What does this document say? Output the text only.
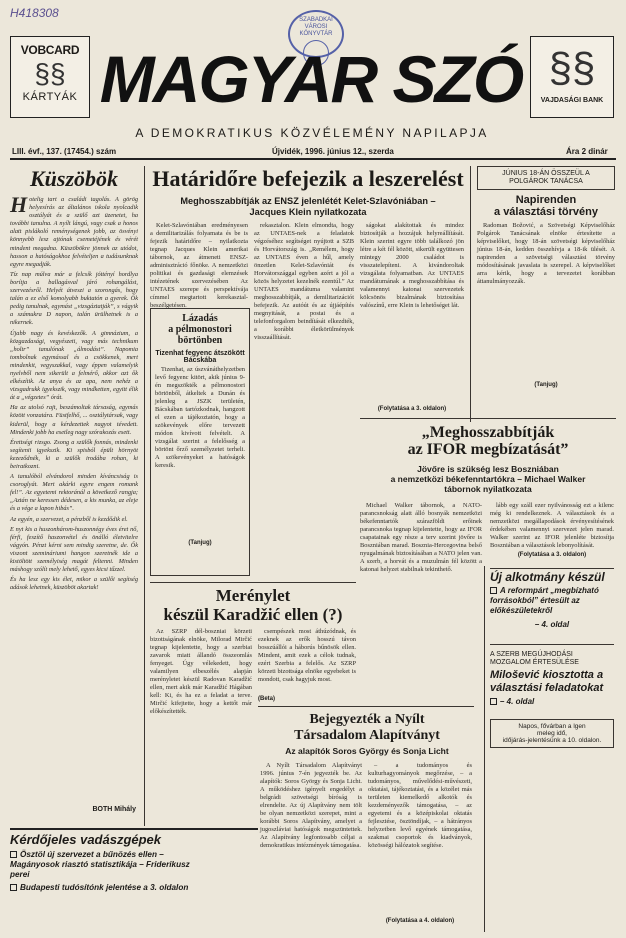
H418308	SZABADKAI VÁROSI KÖNYVTÁR
VOBCARD
§§
KÁRTYÁK MAGYAR SZÓ §§
VAJDASÁGI BANK
A DEMOKRATIKUS KÖZVÉLEMÉNY NAPILAPJA
LIII. évf., 137. (17454.) szám	Újvidék, 1996. június 12., szerda	Ára 2 dinár
Küszöbök

Hotelig tart a családi tagolás. A görög helyesírás az általános iskola nyolcadik osztályát és a szülő azt üzenetet, ha további tanulna. A nyílt lángú, vagy csak a honos alatt pislákoló reménységenek jobb, az ösvényi könnyebb lesz ajtónak csemetéjének és vérét mindent megadna. Küszöbökre jönnek az utódot, hasson a hatóságokhoz felvételjen a tudásunknak egyre megadják.

Tíz nap múlva már a felcsík jóttényí hordlya borítja a ballagásval járó rohangálást, szervezésről. Helyét átveszi a szorongás, hogy talán a ez első komolyabb buktatón a gyerek. Ők pedig tanulnak, egymást „vizsgáztatják”, s vágyik a számukra D napon, talán ürülhetnek is a nikernek.

Újabb nagy és kevéskezők. A gimnázium, a közgazdasági, vegyészeti, vagy más technikum „holtr” tanulónak „álmodást”. Napomia tombolnak egymással és a csökkenek, mert mindenkit, vegyszakkal, vagy éppen valamelyik nyelvből nem sikerült a felmérő, akkor azt ők elkészítik. Az anya és az apa, nem nehéz a vizsgadrukk igyekszik, vagy mindketten, egyitt élik át a „végzetes” órát.

Ha az utolsó rajt, beszámoltak társaság, egymás között vonzatára. Füstfelhő, ... osztálytársak, vagy kiderül, hogy a kérdezettek nagyot tévedett. Mindenki jobb ha esetleg nagy szórakozás esett.

Érettségi rizsgo. Zsong a szülők fonnás, mindenki segítenii igyekszik. Ki spisból épült hörnyöt kezeződnék, ki a szülők irodába rohan, ki beiratkozni.

A tanulóból elvándorol minden kíváncsiság is csoroglyát. Mert akárki egyre engem romank fel!”. Az egyetemi rektoránál a következő rangja; „Aztán ne keressen dédesen, a kis munka, az eleje és a vége a lapon hibás”.

Az egyén, a szervezet, a pénzből is kezdődik el.

E nyt kis a huszonhárom-huszonnégy éves éret nő, férfi, feszítő haszonvétel és önálló életvitelre vágyón. Pénzt kérni sem mindig szeretne, de. Ők viszont szemináriumi hangon szeretnék ide a kistöltött személyiség magát feltenni. Minden máshogy szólít mely lehető, egyes kicsi tűzzel.

És ha lesz egy kis élet, mikor a szülői segítség adások lehetnek, küszöböt akartak!

BOTH Mihály
Határidőre befejezik a leszerelést
Meghosszabbítják az ENSZ jelenlétét Kelet-Szlavóniában –
Jacques Klein nyilatkozata

Kelet-Szlavóniában eredményesen a demilitarizálás folyamata és be is fejezik határidőre – nyilatkozta tegnap Jacques Klein amerikai tábornok, az átmeneti ENSZ-adminisztráció főnöke. A nemzetközi politikai és gazdasági elemzések intézetének szervezésében Az UNTAES szerepe és perspektívája címmel megtartott kerekasztal-beszélgetésen.

rekasztalon. Klein elmondta, hogy az UNTAES-nek a feladatok végzéséhez segítséget nyújtott a SZB és Horvátország is. „Remélem, hogy az UNTAES éven a hűl, amely önzetlen Kelet-Szlavóniát és Horvátországgal egyben azért a jól a közös helyzetet kezelnék ezentúl.” Az UNTAES mandátuma valamint meghosszabbítják, a demilitarizációt befejezik. Az autóút és az újjáépítés megnyitását, a postai és a telefonforgalom beindítását elkezdték, a korábbi életkörülmények visszaállítását.

ságokat alakítottak és mindez biztosítják a hozzájuk helyreállítását. Klein szerint egyre több találkozó jön létre a két fél között, sikerült együttesen mintegy 2000 családot is visszatelepíteni. A kivándoroltak vizsgálata folyamatban. Az UNTAES mandátumának a meghosszabbítása és valamennyi katonai szervezetek kölcsönös bizalmának biztosítása valószínű, erre Klein is lehetőséget lát.

(Folytatása a 3. oldalon)
Lázadás
a pélmonostori
börtönben
Tizenhat fegyenc átszökött Bácskába

Tizenhat, az úszvánáthelyzetben levő fegyenc kitört, akik június 9-én megszökték a pélmonostori börtönből, átkeltek a Dunán és jelenleg a JSZK területén, Bácskában tartózkodnak, hangzott el ezen a tájékoztatón, hogy a szökevények előre tervezett módon kivívott felvételt. A vizsgálat szerint a felelősség a börtönt őrző személyzetet terheli. A szökevényeket a hatóságok keresik.

(Tanjug)
JÚNIUS 18-ÁN ÖSSZEÜL A
POLGÁROK TANÁCSA
Napirenden
a választási törvény

Radoman Božović, a Szövetségi Képviselőház Polgárok Tanácsának elnöke értesítette a képviselőket, hogy 18-án szövetségi képviselőház június 18-án, kedden összehívja a 18-ik ülését. A napirenden a szövetségi választási törvény módosításának javaslata is szerepel. A képviselőket arra kérik, hogy a tervezetet korábban áttanulmányozzák.

(Tanjug)
„Meghosszabbítják
az IFOR megbízatását”
Jövőre is szükség lesz Boszniában
a nemzetközi békefenntartókra – Michael Walker
tábornok nyilatkozata

Michael Walker tábornok, a NATO-parancsnokság alatt álló bosnyák nemzetközi békefenntartók szárazföldi erőinek parancsnoka tegnap kijelentette, hogy az IFOR csapatainak egy része a terv szerint jövőre is Boszniában marad. Bosznia-Hercegovina belső nyugalmának biztosításában a NATO jelen van. A szerb, a horvát és a muzulmán fél között a katonai helyzet stabilnak tekinthető.

lább egy száll ezer nyilvánosság ezt a kilenc még ki rendelkeznek. A választások és a nemzetközi megállapodások érvényesítésének érdekében valamennyi szervezet jelen marad. Walker szerint az IFOR jelenléte biztosítja Boszniában a választások lebonyolítását.

(Folytatása a 3. oldalon)
Merénylet
készül Karadžić ellen (?)

Az SZRP dél-boszniai körzeti bizottságának elnöke, Milorad Mirčić tegnap kijelentette, hogy a szerbiai zavarok miatt állandó összeomlás fenyeget. Úgy vélekedett, hogy valamilyen elbeszélés alapján merényletet készül Radovan Karadžić ellen, mert akik már Karadžić Hágában kell: Ki, és ha ez a feladat a terve. Mirčić kifejtette, hogy a kettőt már előkészítették.

csempészek most áthúzódnak, és ezeknek az erők hosszú távon bosszúállói a háborús bűnösök ellen. Mindent, amit ezek a célok tudnak, ezért Szerbia a felelős. Az SZRP körzeti bizottsága elnöke egyebeket is mondott, csak hagyjuk most.

(Beta)
Bejegyezték a Nyílt
Társadalom Alapítványt
Az alapítók Soros György és Sonja Licht

A Nyílt Társadalom Alapítványt 1996. június 7-én jegyezték be. Az alapítók: Soros György és Sonja Licht. A működéshez igényelt engedélyt a belgrádi szövetségi bíróság is elrendelte. Az új Alapítvány nem tölt be olyan nemzetközi szerepet, mint a korábbi Soros Alapítvány, amelyet a jugoszláviai hatóságok megszüntettek. Az Alapítvány legfontosabb céljai a demokratikus intézmények támogatása.

– a tudományos és kulturhagyományok megőrzése, – a tudományos, művelődési-művészeti, oktatási, tájékoztatási, és a közélet más területen kiemelkedő alkotók és kezdeményezők támogatása, – az egyetemi és a középiskolai oktatás fejlesztése, ösztöndíjak, – a hátrányos helyzetben levő egyének támogatása, szakmai csoportok és kiadványok, közösségi hálózatok segítése.

(Folytatása a 4. oldalon)
Új alkotmány készül
A reformpárt „megbízható forrásokból” értesült az előkészületekről
– 4. oldal
A SZERB MEGÚJHODÁSI MOZGALOM ÉRTESÜLÉSE
Milošević kiosztotta a választási feladatokat
– 4. oldal
Napos, fővárban a lgen
meleg idő,
időjárás-jelentésünk a 10. oldalon.
Kérdőjeles vadászgépek
Ösztöl új szervezet a bűnözés ellen –
Magányosok riasztó statisztikája – Friderikusz
perei
Budapesti tudósítónk jelentése a 3. oldalon
